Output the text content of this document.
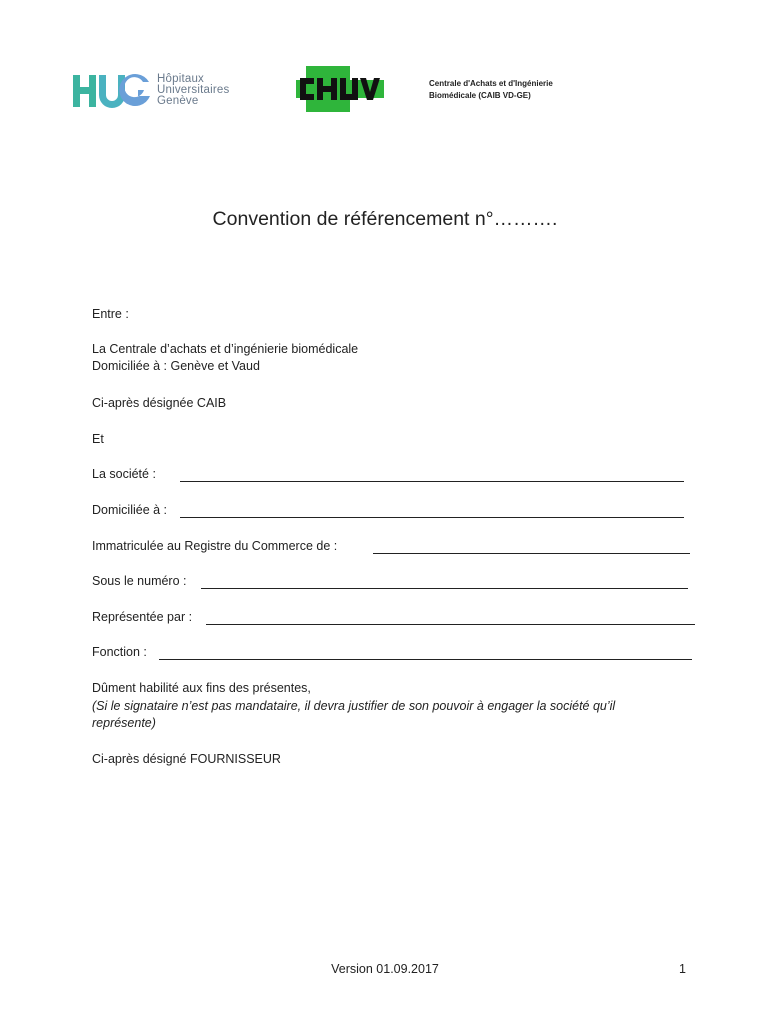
Hôpitaux
Universitaires
Genève
Centrale d'Achats et d'Ingénierie
Biomédicale (CAIB VD-GE)
Convention de référencement n°……….
Entre :
La Centrale d’achats et d’ingénierie biomédicale
Domiciliée à : Genève et Vaud
Ci-après désignée CAIB
Et
La société :
Domiciliée à :
Immatriculée au Registre du Commerce de :
Sous le numéro :
Représentée par :
Fonction :
Dûment habilité aux fins des présentes,
(Si le signataire n’est pas mandataire, il devra justifier de son pouvoir à engager la société qu’il
représente)
Ci-après désigné FOURNISSEUR
Version 01.09.2017	1
